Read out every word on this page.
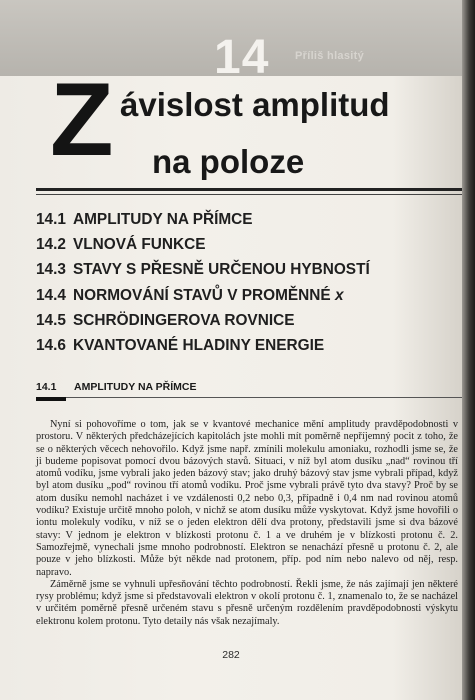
Příliš hlasitý
14
Z ávislost amplitud
na poloze
14.1 AMPLITUDY NA PŘÍMCE
14.2 VLNOVÁ FUNKCE
14.3 STAVY S PŘESNĚ URČENOU HYBNOSTÍ
14.4 NORMOVÁNÍ STAVŮ V PROMĚNNÉ x
14.5 SCHRÖDINGEROVA ROVNICE
14.6 KVANTOVANÉ HLADINY ENERGIE
14.1 AMPLITUDY NA PŘÍMCE

Nyní si pohovoříme o tom, jak se v kvantové mechanice mění amplitudy pravděpodobnosti v prostoru. V některých předcházejících kapitolách jste mohli mít poměrně nepříjemný pocit z toho, že se o některých věcech nehovořilo. Když jsme např. zmínili molekulu amoniaku, rozhodli jsme se, že ji budeme popisovat pomocí dvou bázových stavů. Situaci, v níž byl atom dusíku „nad“ rovinou tří atomů vodíku, jsme vybrali jako jeden bázový stav; jako druhý bázový stav jsme vybrali případ, když byl atom dusíku „pod“ rovinou tří atomů vodíku. Proč jsme vybrali právě tyto dva stavy? Proč by se atom dusíku nemohl nacházet i ve vzdálenosti 0,2 nebo 0,3, případně i 0,4 nm nad rovinou atomů vodíku? Existuje určitě mnoho poloh, v nichž se atom dusíku může vyskytovat. Když jsme hovořili o iontu molekuly vodíku, v níž se o jeden elektron dělí dva protony, představili jsme si dva bázové stavy: V jednom je elektron v blízkosti protonu č. 1 a ve druhém je v blízkosti protonu č. 2. Samozřejmě, vynechali jsme mnoho podrobností. Elektron se nenachází přesně u protonu č. 2, ale pouze v jeho blízkosti. Může být někde nad protonem, příp. pod ním nebo nalevo od něj, resp. napravo.

Záměrně jsme se vyhnuli upřesňování těchto podrobností. Řekli jsme, že nás zajímají jen některé rysy problému; když jsme si představovali elektron v okolí protonu č. 1, znamenalo to, že se nacházel v určitém poměrně přesně určeném stavu s přesně určeným rozdělením pravděpodobnosti výskytu elektronu kolem protonu. Tyto detaily nás však nezajímaly.

282
